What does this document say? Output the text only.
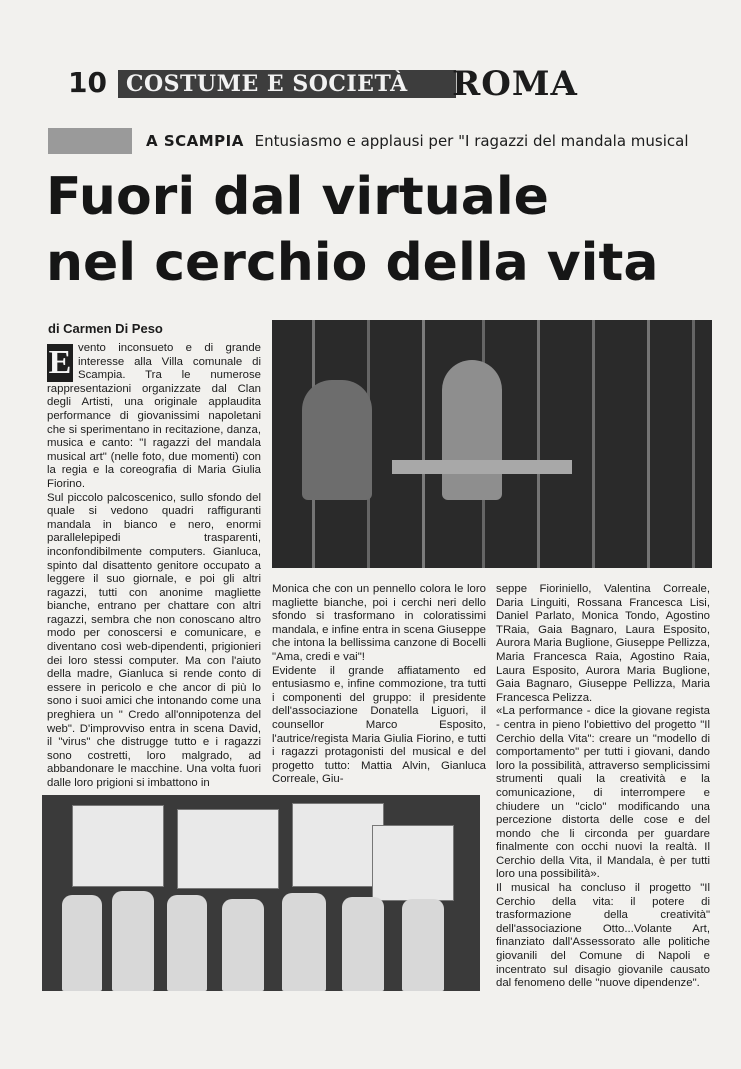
10 COSTUME E SOCIETÀ	ROMA
A SCAMPIA Entusiasmo e applausi per "I ragazzi del mandala musical
Fuori dal virtuale
nel cerchio della vita
di Carmen Di Peso
E vento inconsueto e di grande interesse alla Villa comunale di Scampia. Tra le numerose rappresentazioni organizzate dal Clan degli Artisti, una originale applaudita performance di giovanissimi napoletani che si sperimentano in recitazione, danza, musica e canto: "I ragazzi del mandala musical art" (nelle foto, due momenti) con la regia e la coreografia di Maria Giulia Fiorino.

Sul piccolo palcoscenico, sullo sfondo del quale si vedono quadri raffiguranti mandala in bianco e nero, enormi parallelepipedi trasparenti, inconfondibilmente computers. Gianluca, spinto dal disattento genitore occupato a leggere il suo giornale, e poi gli altri ragazzi, tutti con anonime magliette bianche, entrano per chattare con altri ragazzi, sembra che non conoscano altro modo per conoscersi e comunicare, e diventano così web-dipendenti, prigionieri dei loro stessi computer. Ma con l'aiuto della madre, Gianluca si rende conto di essere in pericolo e che ancor di più lo sono i suoi amici che intonando come una preghiera un " Credo all'onnipotenza del web". D'improvviso entra in scena David, il "virus" che distrugge tutto e i ragazzi sono costretti, loro malgrado, ad abbandonare le macchine. Una volta fuori dalle loro prigioni si imbattono in

Monica che con un pennello colora le loro magliette bianche, poi i cerchi neri dello sfondo si trasformano in coloratissimi mandala, e infine entra in scena Giuseppe che intona la bellissima canzone di Bocelli "Ama, credi e vai"!

Evidente il grande affiatamento ed entusiasmo e, infine commozione, tra tutti i componenti del gruppo: il presidente dell'associazione Donatella Liguori, il counsellor Marco Esposito, l'autrice/regista Maria Giulia Fiorino, e tutti i ragazzi protagonisti del musical e del progetto tutto: Mattia Alvin, Gianluca Correale, Giu-

seppe Fioriniello, Valentina Correale, Daria Linguiti, Rossana Francesca Lisi, Daniel Parlato, Monica Tondo, Agostino TRaia, Gaia Bagnaro, Laura Esposito, Aurora Maria Buglione, Giuseppe Pellizza, Maria Francesca Raia, Agostino Raia, Laura Esposito, Aurora Maria Buglione, Gaia Bagnaro, Giuseppe Pellizza, Maria Francesca Pelizza.

«La performance - dice la giovane regista - centra in pieno l'obiettivo del progetto "Il Cerchio della Vita": creare un "modello di comportamento" per tutti i giovani, dando loro la possibilità, attraverso semplicissimi strumenti quali la creatività e la comunicazione, di interrompere e chiudere un "ciclo" modificando una percezione distorta delle cose e del mondo che li circonda per guardare finalmente con occhi nuovi la realtà. Il Cerchio della Vita, il Mandala, è per tutti loro una possibilità».

Il musical ha concluso il progetto "Il Cerchio della vita: il potere di trasformazione della creatività" dell'associazione Otto...Volante Art, finanziato dall'Assessorato alle politiche giovanili del Comune di Napoli e incentrato sul disagio giovanile causato dal fenomeno delle "nuove dipendenze".
